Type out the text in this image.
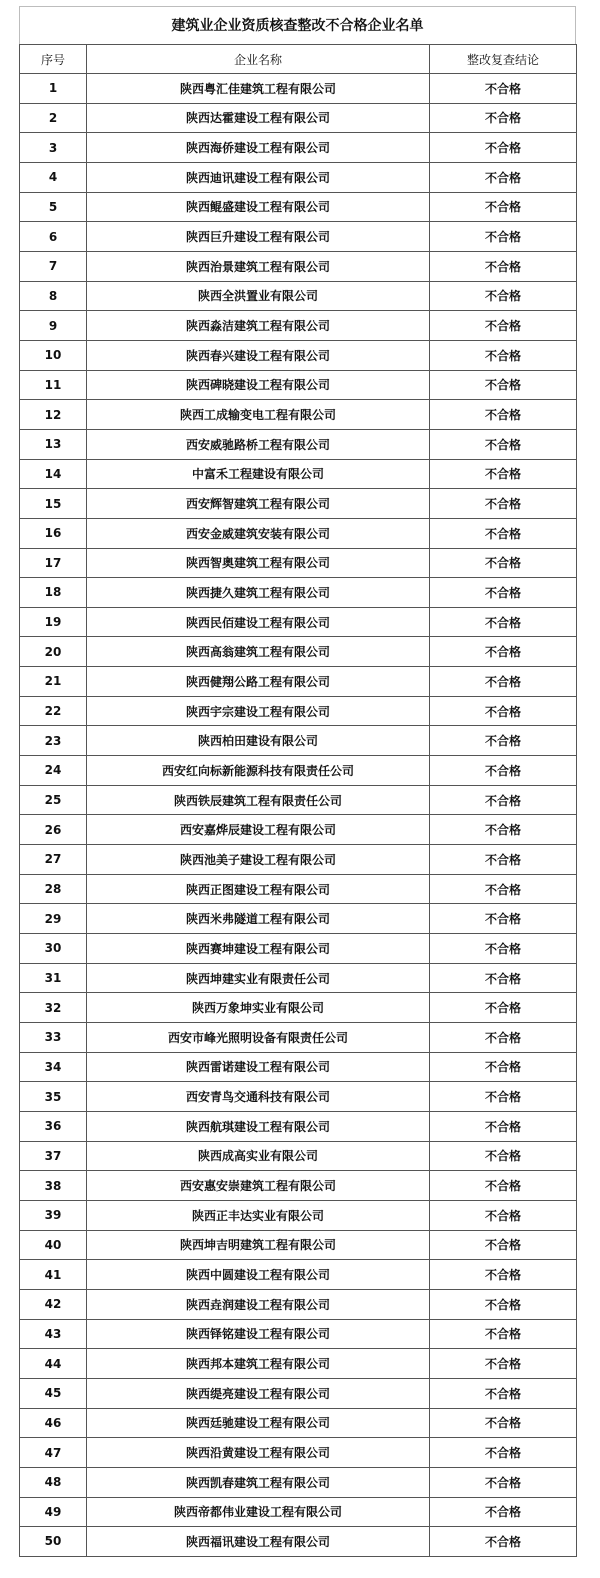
建筑业企业资质核查整改不合格企业名单
序号	企业名称	整改复查结论
1	陕西粤汇佳建筑工程有限公司	不合格
2	陕西达霍建设工程有限公司	不合格
3	陕西海侨建设工程有限公司	不合格
4	陕西迪讯建设工程有限公司	不合格
5	陕西鲲盛建设工程有限公司	不合格
6	陕西巨升建设工程有限公司	不合格
7	陕西治景建筑工程有限公司	不合格
8	陕西全洪置业有限公司	不合格
9	陕西淼洁建筑工程有限公司	不合格
10	陕西春兴建设工程有限公司	不合格
11	陕西碑晓建设工程有限公司	不合格
12	陕西工成输变电工程有限公司	不合格
13	西安威驰路桥工程有限公司	不合格
14	中富禾工程建设有限公司	不合格
15	西安辉智建筑工程有限公司	不合格
16	西安金威建筑安装有限公司	不合格
17	陕西智奥建筑工程有限公司	不合格
18	陕西捷久建筑工程有限公司	不合格
19	陕西民佰建设工程有限公司	不合格
20	陕西高翁建筑工程有限公司	不合格
21	陕西健翔公路工程有限公司	不合格
22	陕西宇宗建设工程有限公司	不合格
23	陕西柏田建设有限公司	不合格
24	西安红向标新能源科技有限责任公司	不合格
25	陕西铁辰建筑工程有限责任公司	不合格
26	西安嘉烨辰建设工程有限公司	不合格
27	陕西池美子建设工程有限公司	不合格
28	陕西正图建设工程有限公司	不合格
29	陕西米弗隧道工程有限公司	不合格
30	陕西赛坤建设工程有限公司	不合格
31	陕西坤建实业有限责任公司	不合格
32	陕西万象坤实业有限公司	不合格
33	西安市峰光照明设备有限责任公司	不合格
34	陕西雷诺建设工程有限公司	不合格
35	西安青鸟交通科技有限公司	不合格
36	陕西航琪建设工程有限公司	不合格
37	陕西成高实业有限公司	不合格
38	西安惠安崇建筑工程有限公司	不合格
39	陕西正丰达实业有限公司	不合格
40	陕西坤吉明建筑工程有限公司	不合格
41	陕西中圆建设工程有限公司	不合格
42	陕西垚润建设工程有限公司	不合格
43	陕西铎铭建设工程有限公司	不合格
44	陕西邦本建筑工程有限公司	不合格
45	陕西缇亮建设工程有限公司	不合格
46	陕西廷驰建设工程有限公司	不合格
47	陕西沿黄建设工程有限公司	不合格
48	陕西凯春建筑工程有限公司	不合格
49	陕西帝都伟业建设工程有限公司	不合格
50	陕西福讯建设工程有限公司	不合格
